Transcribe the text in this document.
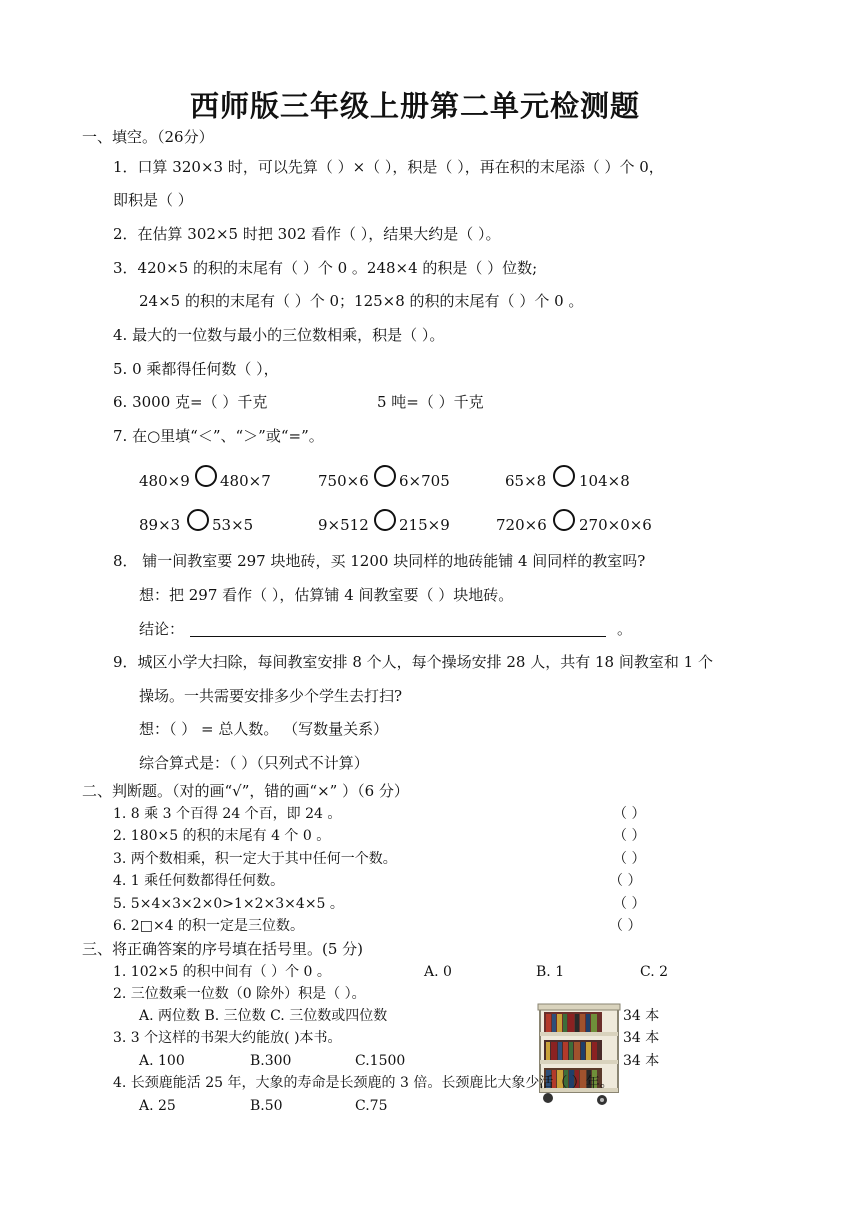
西师版三年级上册第二单元检测题
一、填空。（26分）
1．口算 320×3 时，可以先算（ ）×（ ），积是（ ），再在积的末尾添（ ）个 0，
即积是（ ）
2．在估算 302×5 时把 302 看作（ ），结果大约是（ ）。
3．420×5 的积的末尾有（ ）个 0 。248×4 的积是（ ）位数;
24×5 的积的末尾有（ ）个 0；125×8 的积的末尾有（ ）个 0 。
4. 最大的一位数与最小的三位数相乘，积是（ ）。
5. 0 乘都得任何数（ ），
6. 3000 克=（ ）千克	5 吨=（ ）千克
7. 在○里填“＜”、“＞”或“=”。
480×9 480×7	750×6 6×705	65×8 104×8
89×3 53×5	9×512 215×9	720×6 270×0×6
8． 铺一间教室要 297 块地砖，买 1200 块同样的地砖能铺 4 间同样的教室吗?
想：把 297 看作（ ），估算铺 4 间教室要（ ）块地砖。
结论：	。
9．城区小学大扫除，每间教室安排 8 个人，每个操场安排 28 人，共有 18 间教室和 1 个
操场。一共需要安排多少个学生去打扫?
想：（ ） = 总人数。 （写数量关系）
综合算式是：（ ）（只列式不计算）
二、判断题。（对的画“√”，错的画“×” ）（6 分）
1. 8 乘 3 个百得 24 个百，即 24 。	（ ）
2. 180×5 的积的末尾有 4 个 0 。	（ ）
3. 两个数相乘，积一定大于其中任何一个数。	（ ）
4. 1 乘任何数都得任何数。	（ ）
5. 5×4×3×2×0>1×2×3×4×5 。	（ ）
6. 2□×4 的积一定是三位数。	（ ）
三、将正确答案的序号填在括号里。(5 分)
1. 102×5 的积中间有（ ）个 0 。	A. 0	B. 1	C. 2
2. 三位数乘一位数（0 除外）积是（ ）。
A. 两位数 B. 三位数 C. 三位数或四位数
3. 3 个这样的书架大约能放( )本书。
A. 100	B.300	C.1500
34 本
34 本
34 本
4. 长颈鹿能活 25 年，大象的寿命是长颈鹿的 3 倍。长颈鹿比大象少活（ ）年。
A. 25	B.50	C.75
